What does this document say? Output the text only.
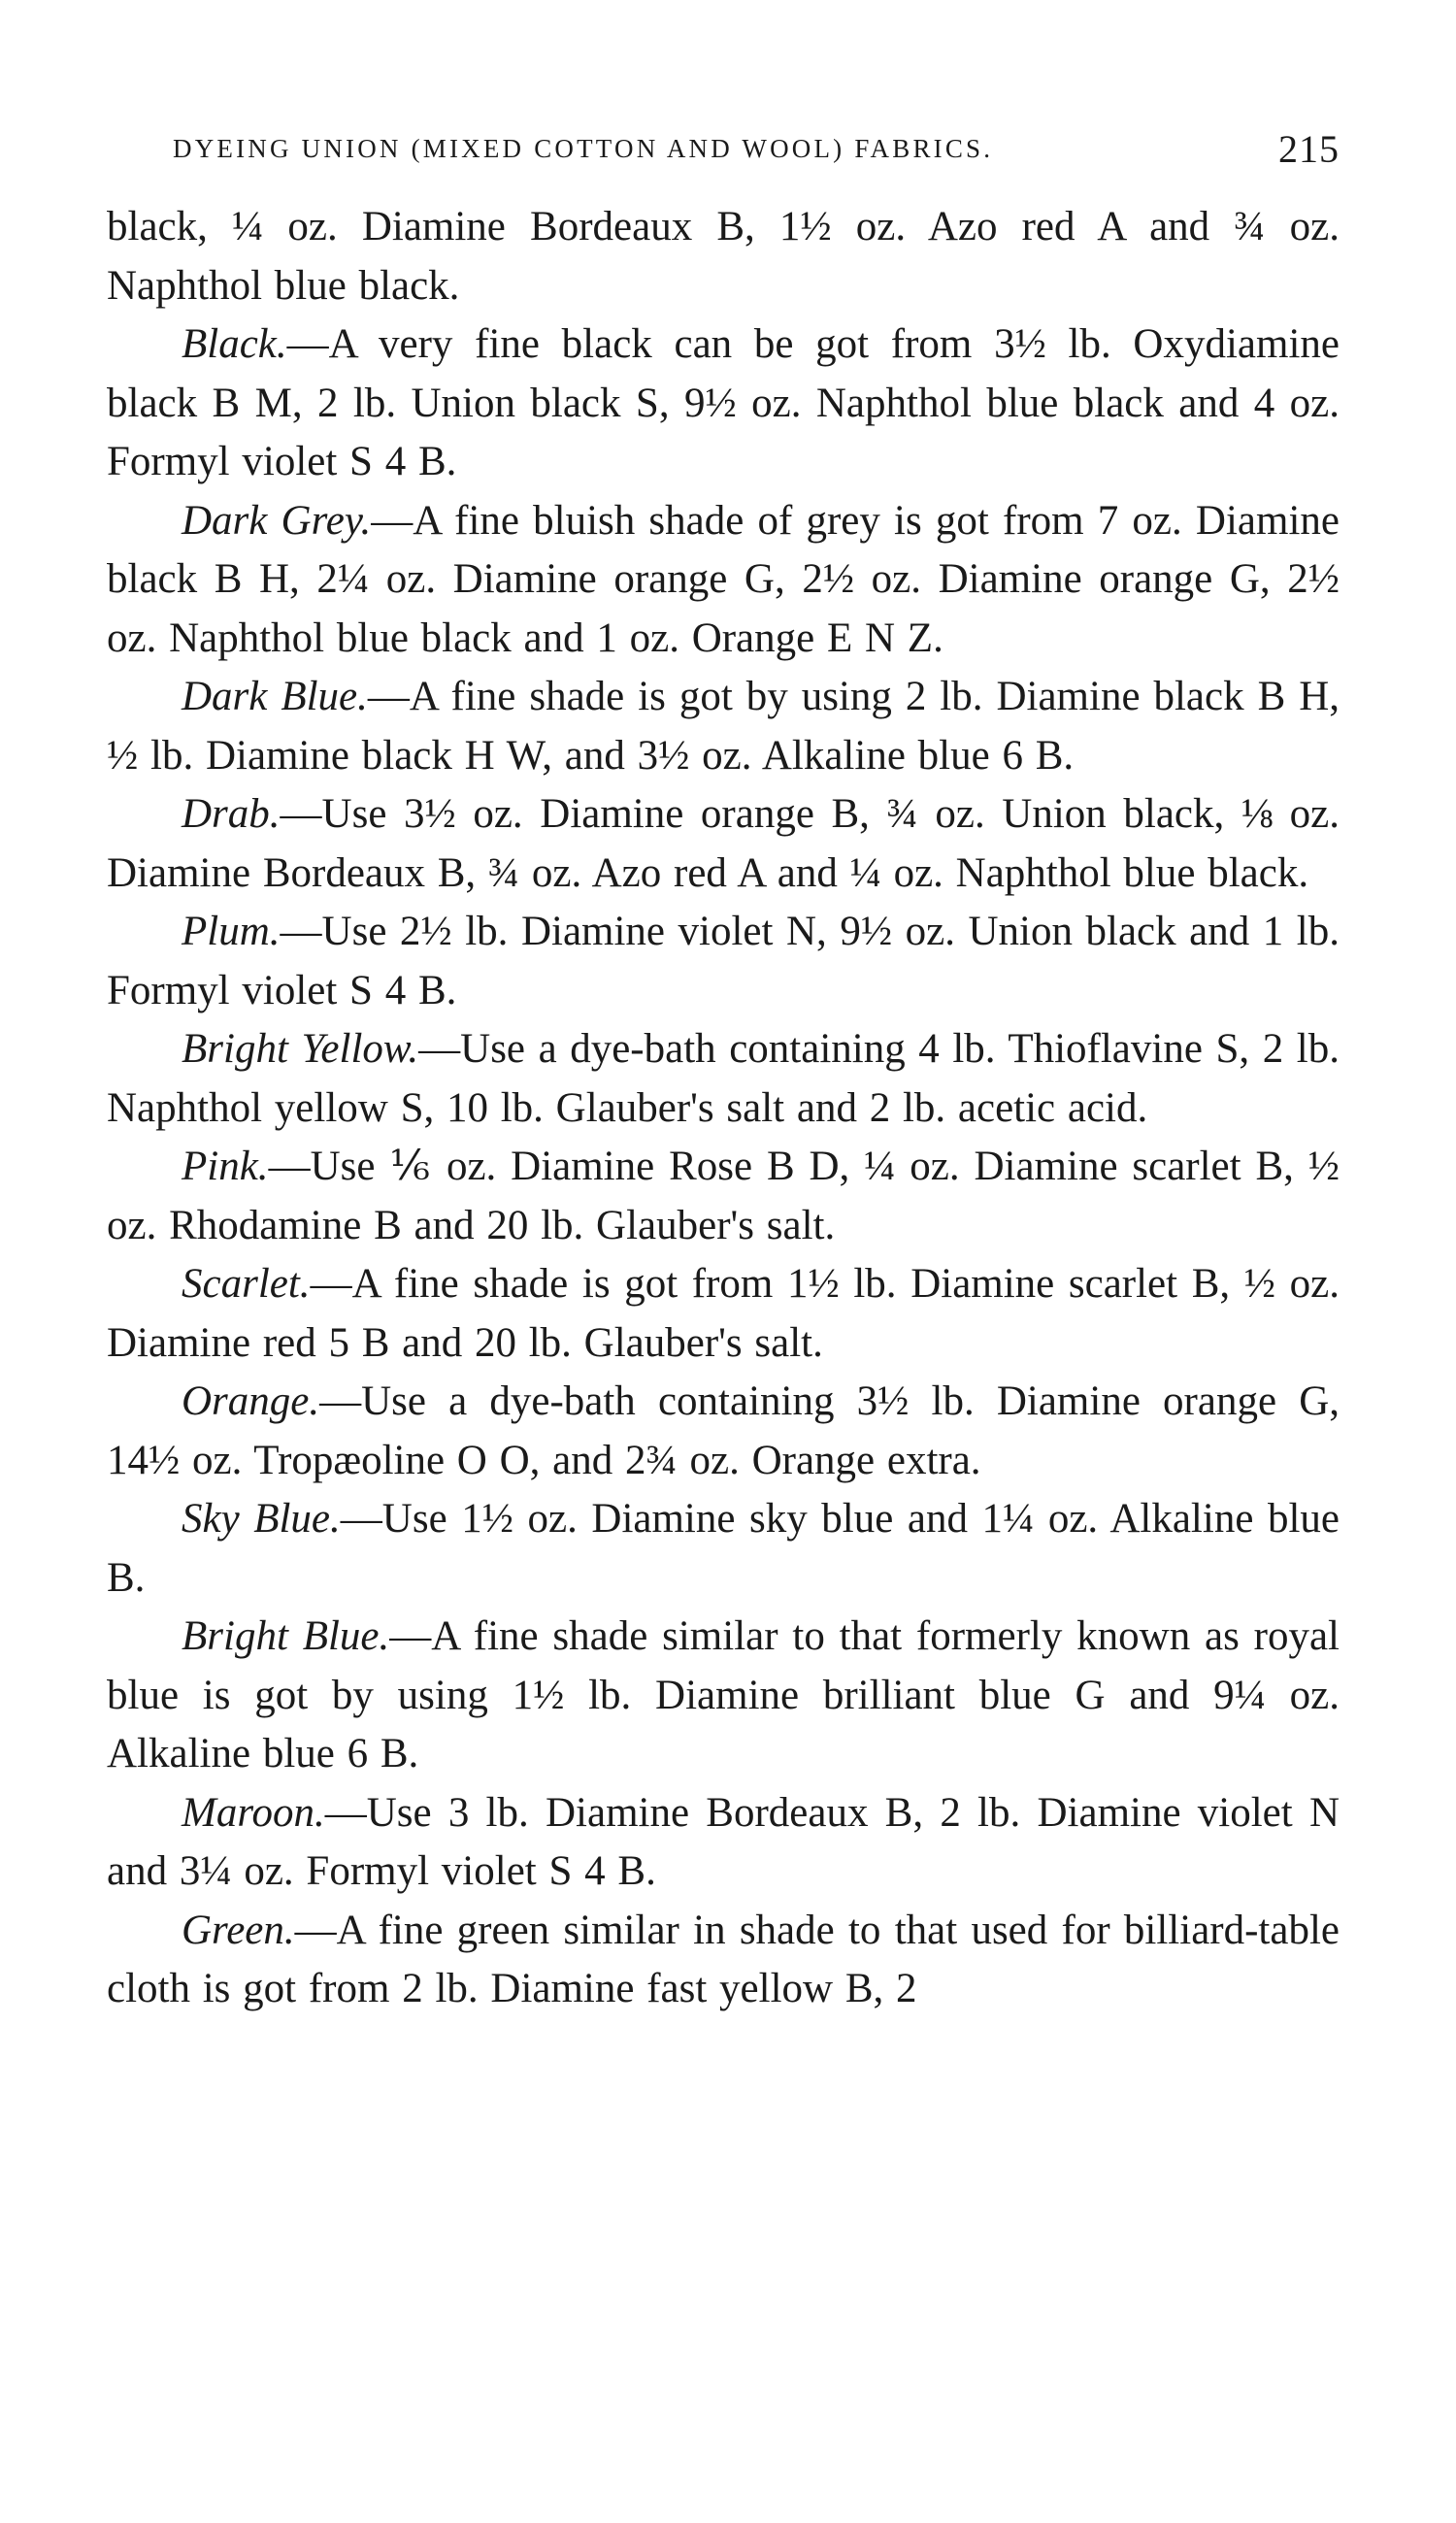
DYEING UNION (MIXED COTTON AND WOOL) FABRICS.	215

black, ¼ oz. Diamine Bordeaux B, 1½ oz. Azo red A and ¾ oz. Naphthol blue black.

Black.—A very fine black can be got from 3½ lb. Oxydiamine black B M, 2 lb. Union black S, 9½ oz. Naphthol blue black and 4 oz. Formyl violet S 4 B.

Dark Grey.—A fine bluish shade of grey is got from 7 oz. Diamine black B H, 2¼ oz. Diamine orange G, 2½ oz. Diamine orange G, 2½ oz. Naphthol blue black and 1 oz. Orange E N Z.

Dark Blue.—A fine shade is got by using 2 lb. Diamine black B H, ½ lb. Diamine black H W, and 3½ oz. Alkaline blue 6 B.

Drab.—Use 3½ oz. Diamine orange B, ¾ oz. Union black, ⅛ oz. Diamine Bordeaux B, ¾ oz. Azo red A and ¼ oz. Naphthol blue black.

Plum.—Use 2½ lb. Diamine violet N, 9½ oz. Union black and 1 lb. Formyl violet S 4 B.

Bright Yellow.—Use a dye-bath containing 4 lb. Thioflavine S, 2 lb. Naphthol yellow S, 10 lb. Glauber's salt and 2 lb. acetic acid.

Pink.—Use ⅙ oz. Diamine Rose B D, ¼ oz. Diamine scarlet B, ½ oz. Rhodamine B and 20 lb. Glauber's salt.

Scarlet.—A fine shade is got from 1½ lb. Diamine scarlet B, ½ oz. Diamine red 5 B and 20 lb. Glauber's salt.

Orange.—Use a dye-bath containing 3½ lb. Diamine orange G, 14½ oz. Tropæoline O O, and 2¾ oz. Orange extra.

Sky Blue.—Use 1½ oz. Diamine sky blue and 1¼ oz. Alkaline blue B.

Bright Blue.—A fine shade similar to that formerly known as royal blue is got by using 1½ lb. Diamine brilliant blue G and 9¼ oz. Alkaline blue 6 B.

Maroon.—Use 3 lb. Diamine Bordeaux B, 2 lb. Diamine violet N and 3¼ oz. Formyl violet S 4 B.

Green.—A fine green similar in shade to that used for billiard-table cloth is got from 2 lb. Diamine fast yellow B, 2
